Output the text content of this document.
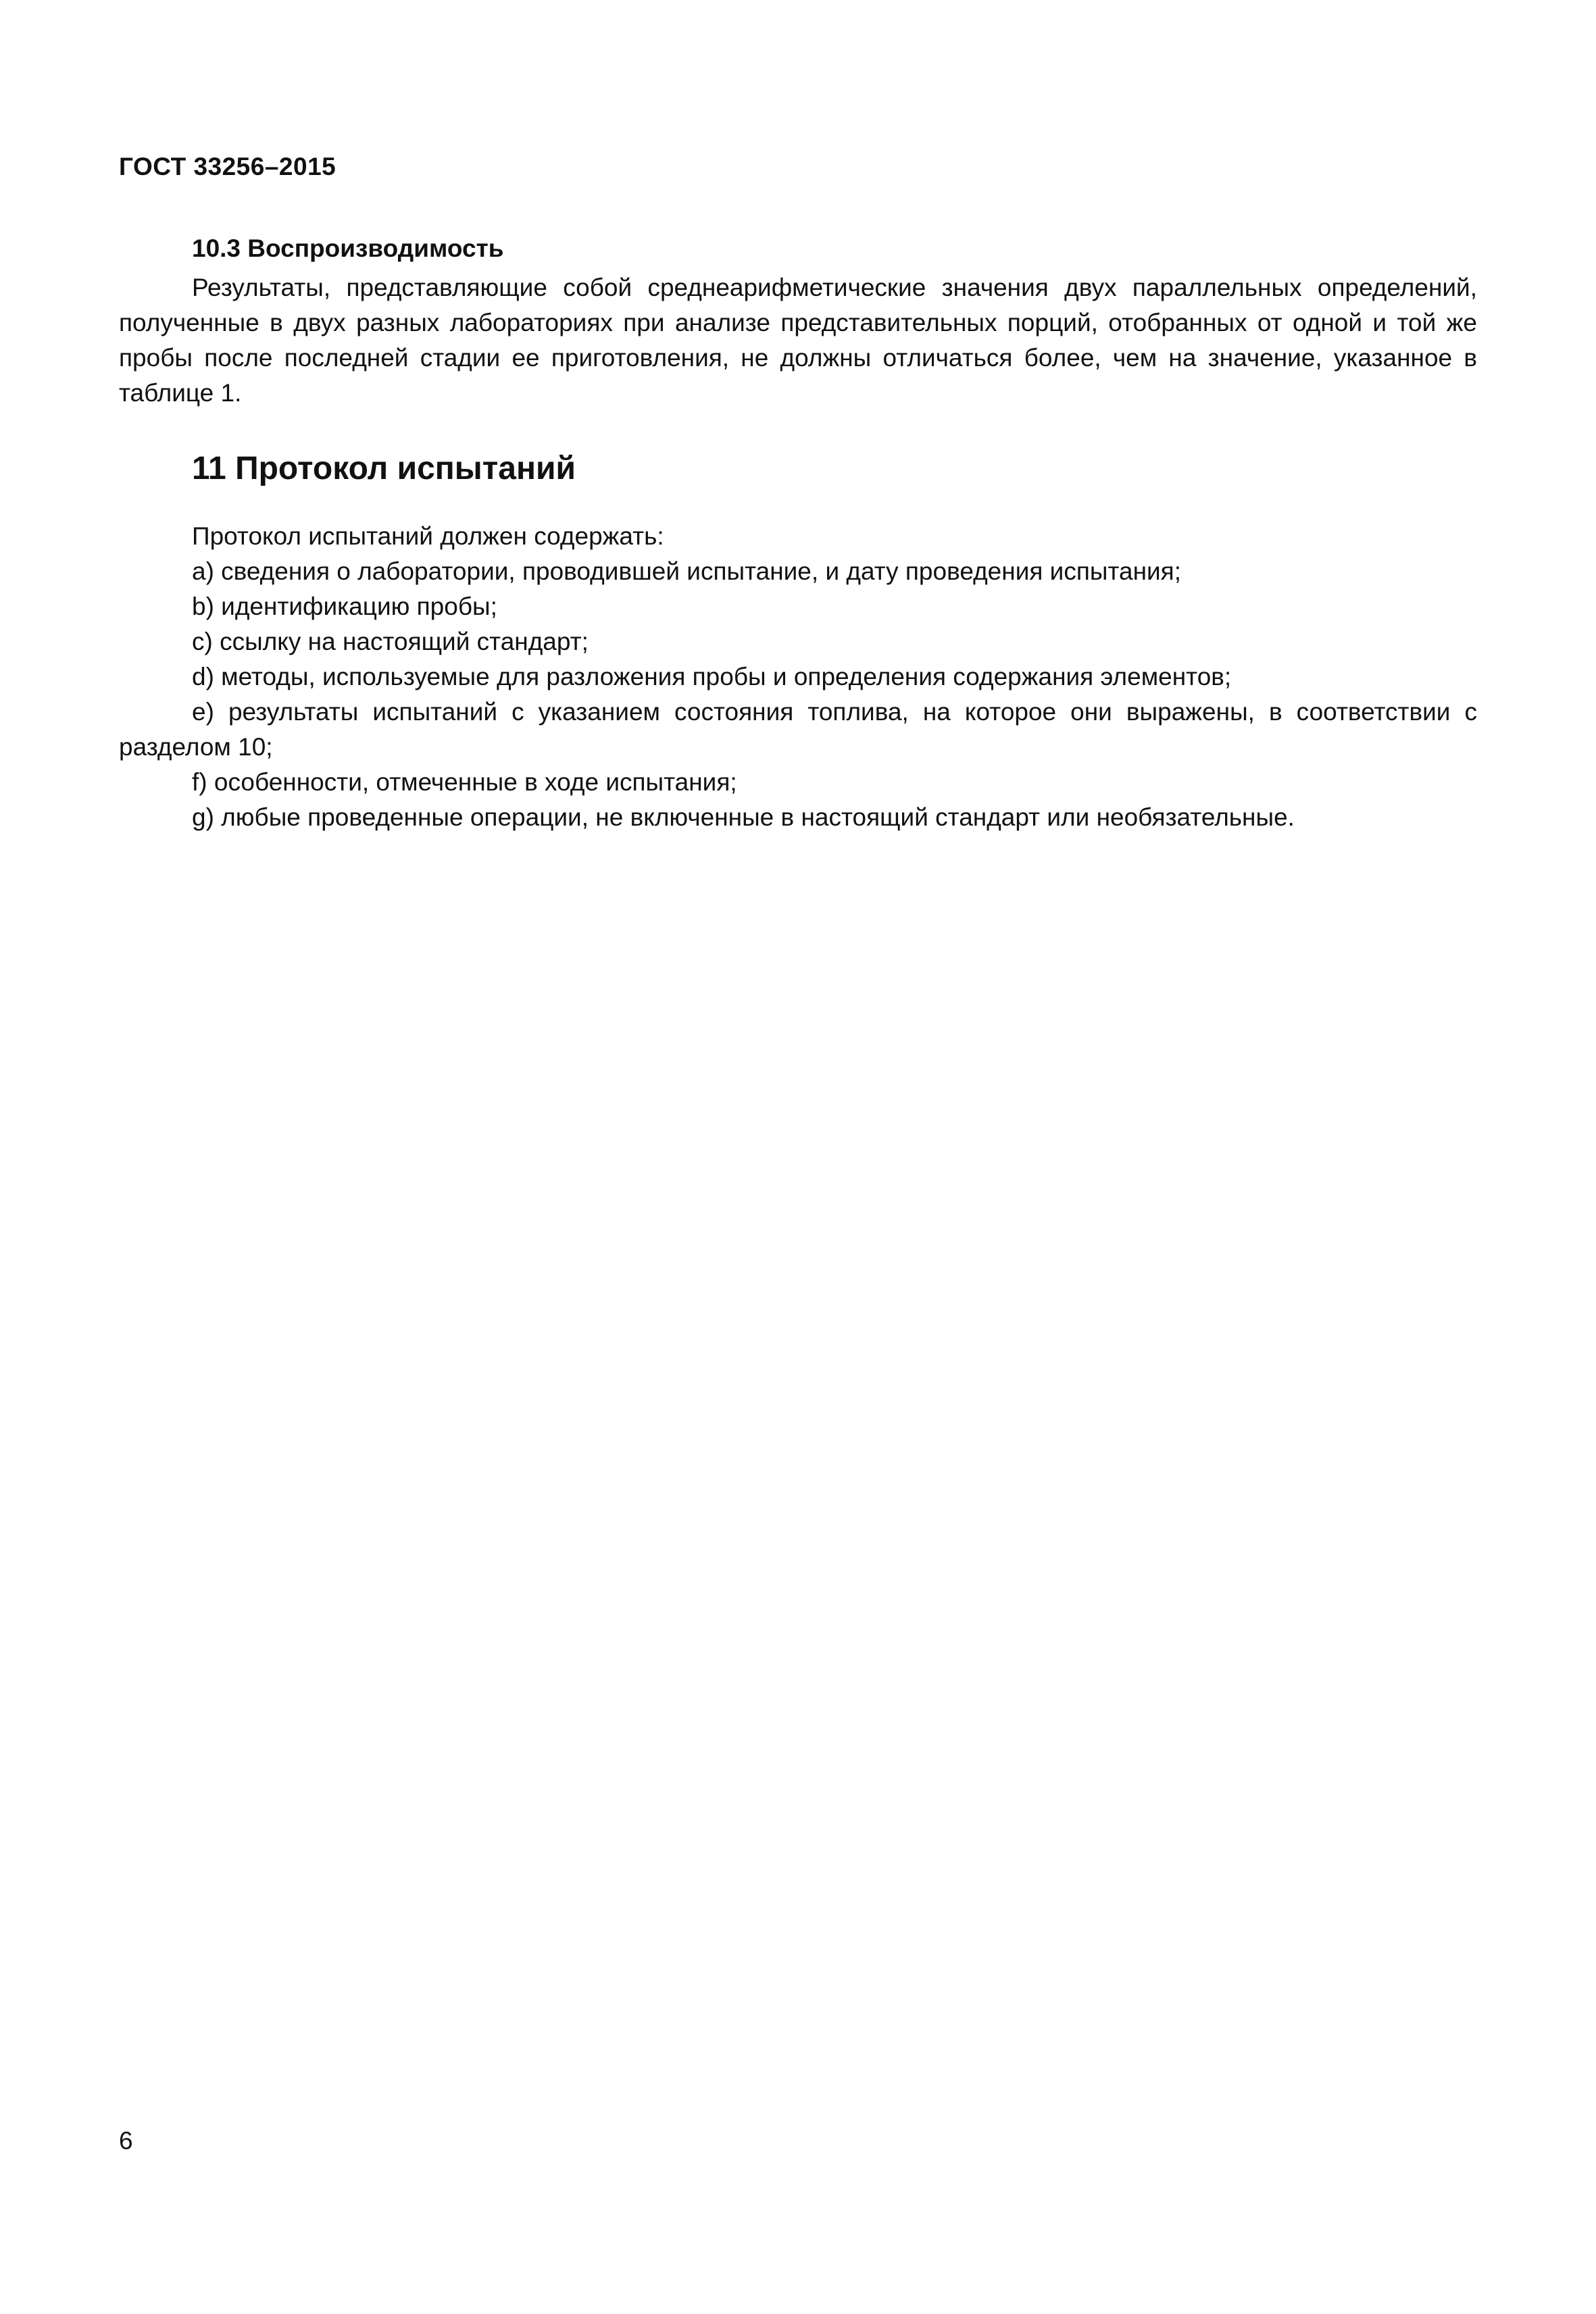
ГОСТ 33256–2015

10.3 Воспроизводимость

Результаты, представляющие собой среднеарифметические значения двух параллельных определений, полученные в двух разных лабораториях при анализе представительных порций, отобранных от одной и той же пробы после последней стадии ее приготовления, не должны отличаться более, чем на значение, указанное в таблице 1.

11 Протокол испытаний

Протокол испытаний должен содержать:

a) сведения о лаборатории, проводившей испытание, и дату проведения испытания;
b) идентификацию пробы;
c) ссылку на настоящий стандарт;
d) методы, используемые для разложения пробы и определения содержания элементов;
e) результаты испытаний с указанием состояния топлива, на которое они выражены, в соответствии с разделом 10;
f) особенности, отмеченные в ходе испытания;
g) любые проведенные операции, не включенные в настоящий стандарт или необязательные.

6
